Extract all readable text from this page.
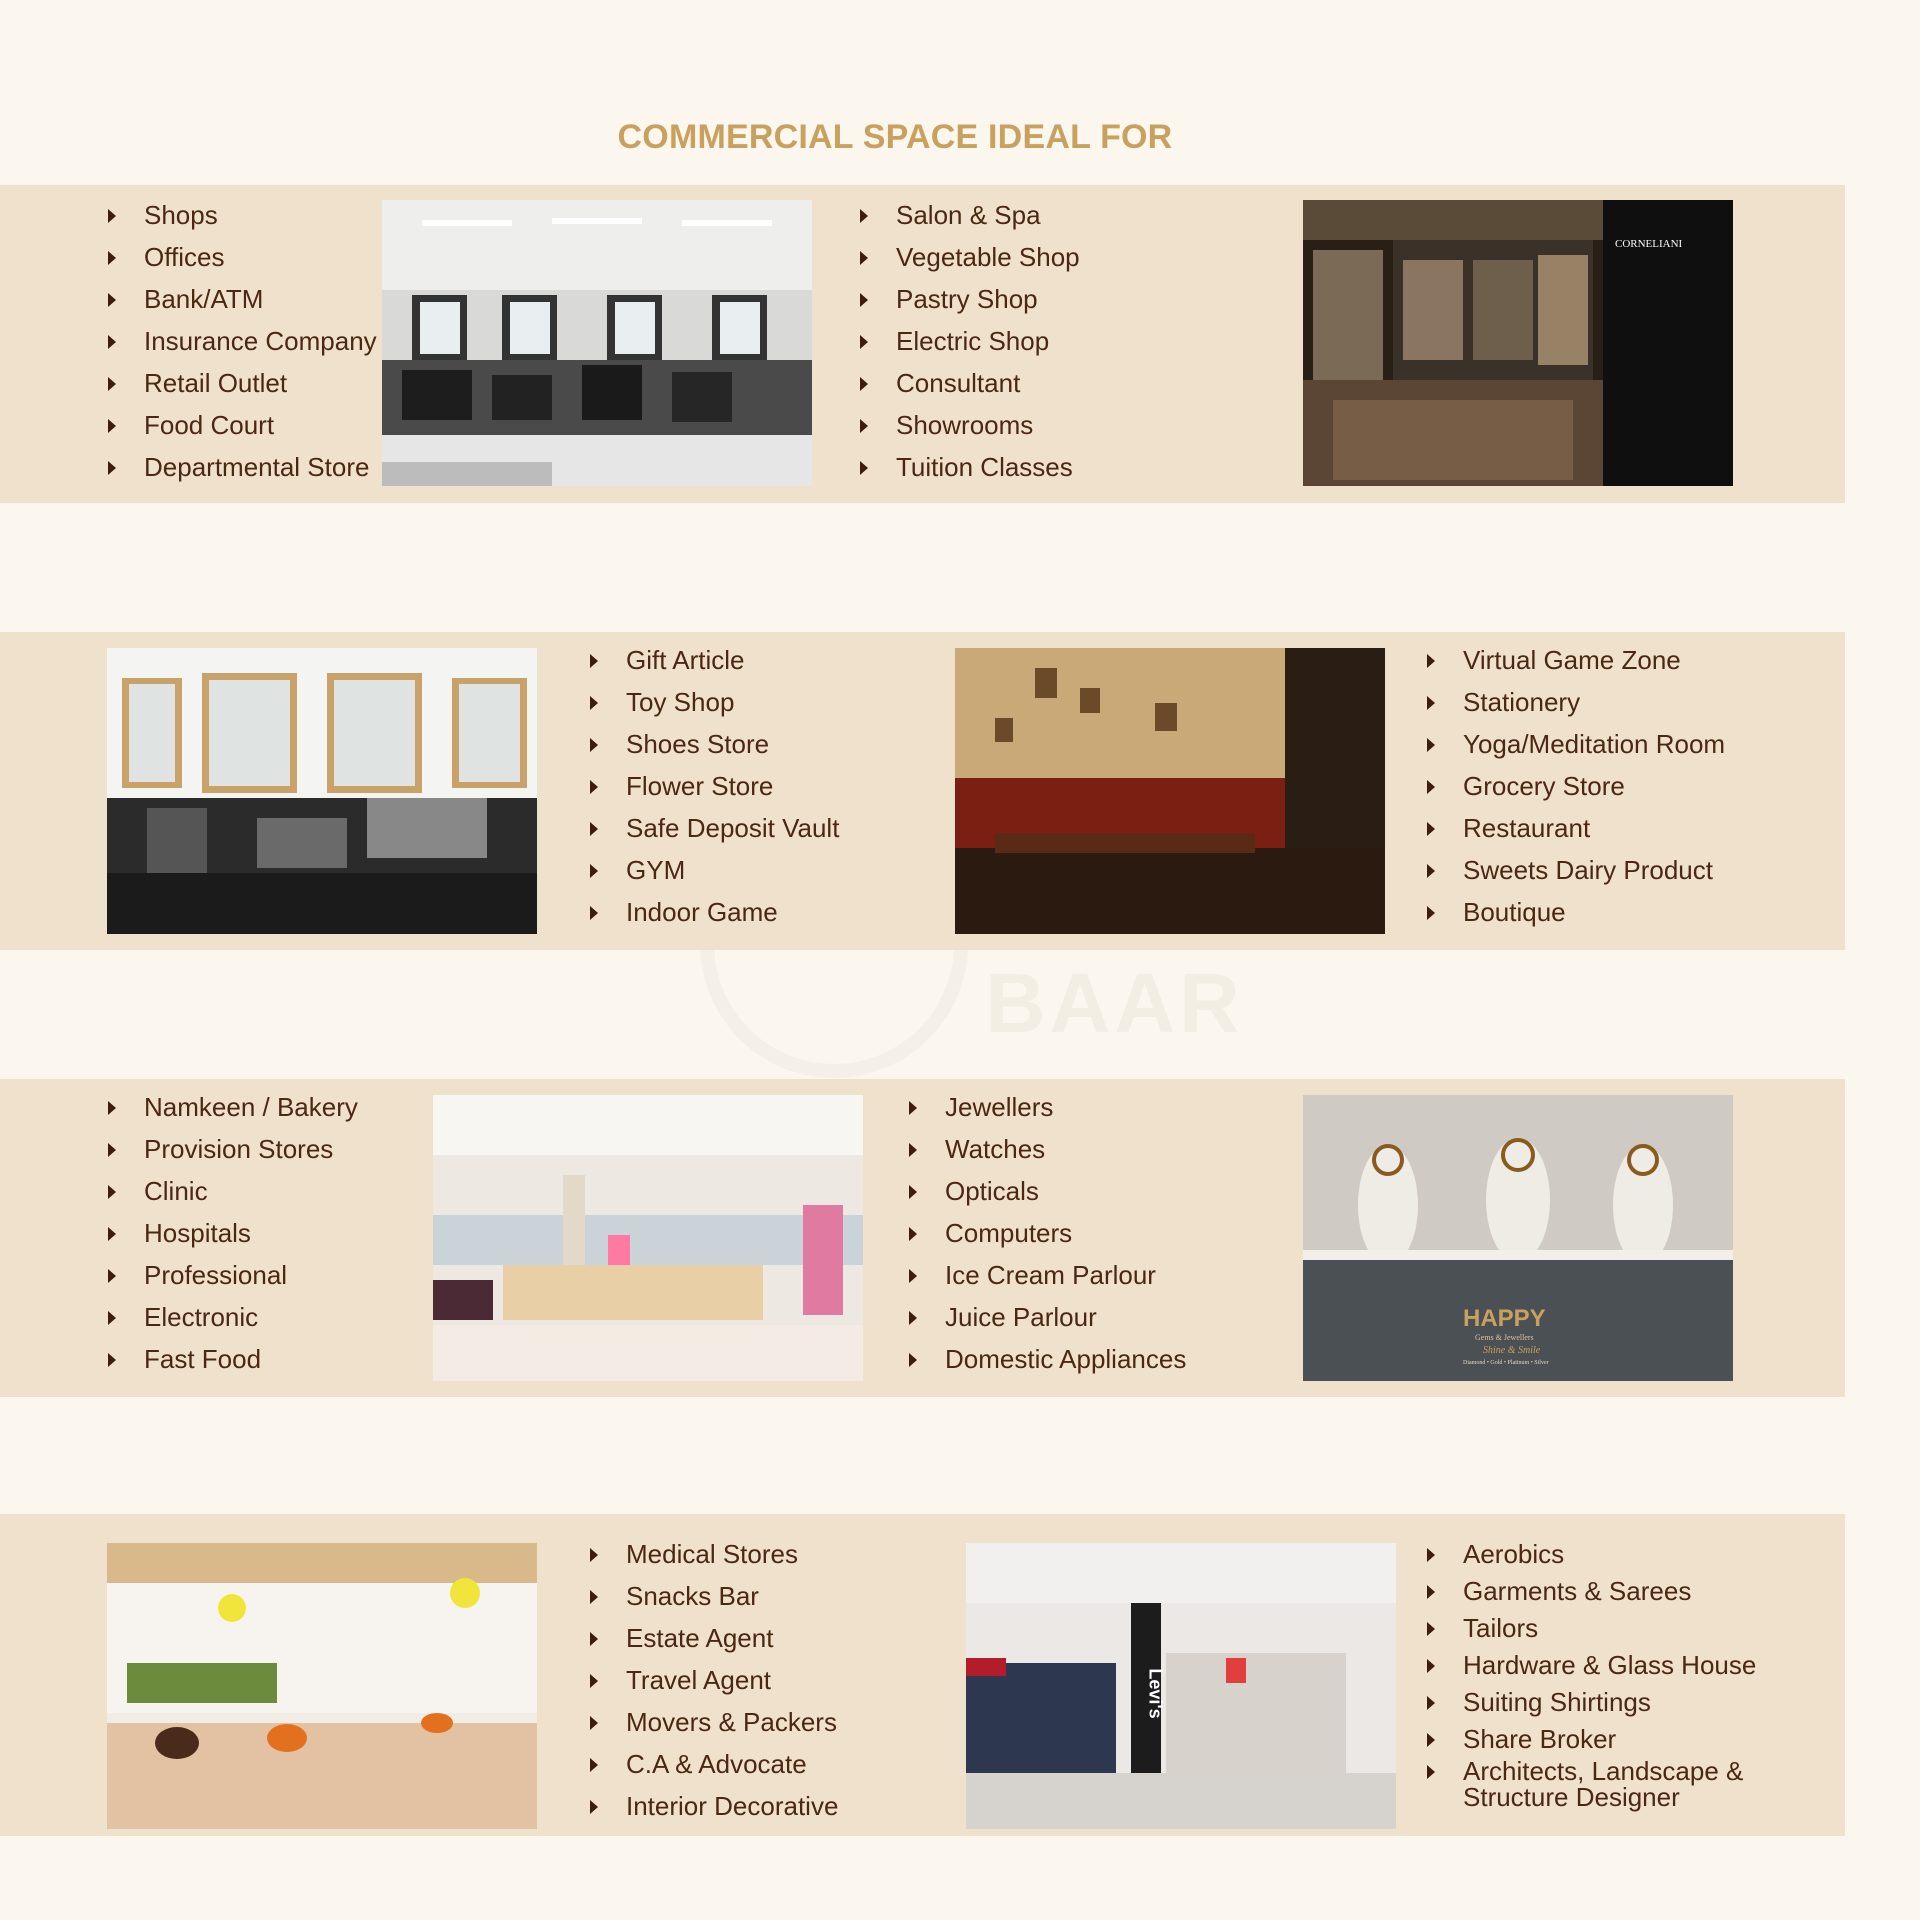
COMMERCIAL SPACE IDEAL FOR
BAAR
Shops
Offices
Bank/ATM
Insurance Company
Retail Outlet
Food Court
Departmental Store
Salon & Spa
Vegetable Shop
Pastry Shop
Electric Shop
Consultant
Showrooms
Tuition Classes
CORNELIANI
Gift Article
Toy Shop
Shoes Store
Flower Store
Safe Deposit Vault
GYM
Indoor Game
Virtual Game Zone
Stationery
Yoga/Meditation Room
Grocery Store
Restaurant
Sweets Dairy Product
Boutique
Namkeen / Bakery
Provision Stores
Clinic
Hospitals
Professional
Electronic
Fast Food
Jewellers
Watches
Opticals
Computers
Ice Cream Parlour
Juice Parlour
Domestic Appliances
HAPPY
Gems & Jewellers
Shine & Smile
Diamond • Gold • Platinum • Silver
Medical Stores
Snacks Bar
Estate Agent
Travel Agent
Movers & Packers
C.A & Advocate
Interior Decorative
Levi's
Aerobics
Garments & Sarees
Tailors
Hardware & Glass House
Suiting Shirtings
Share Broker
Architects, Landscape & Structure Designer
